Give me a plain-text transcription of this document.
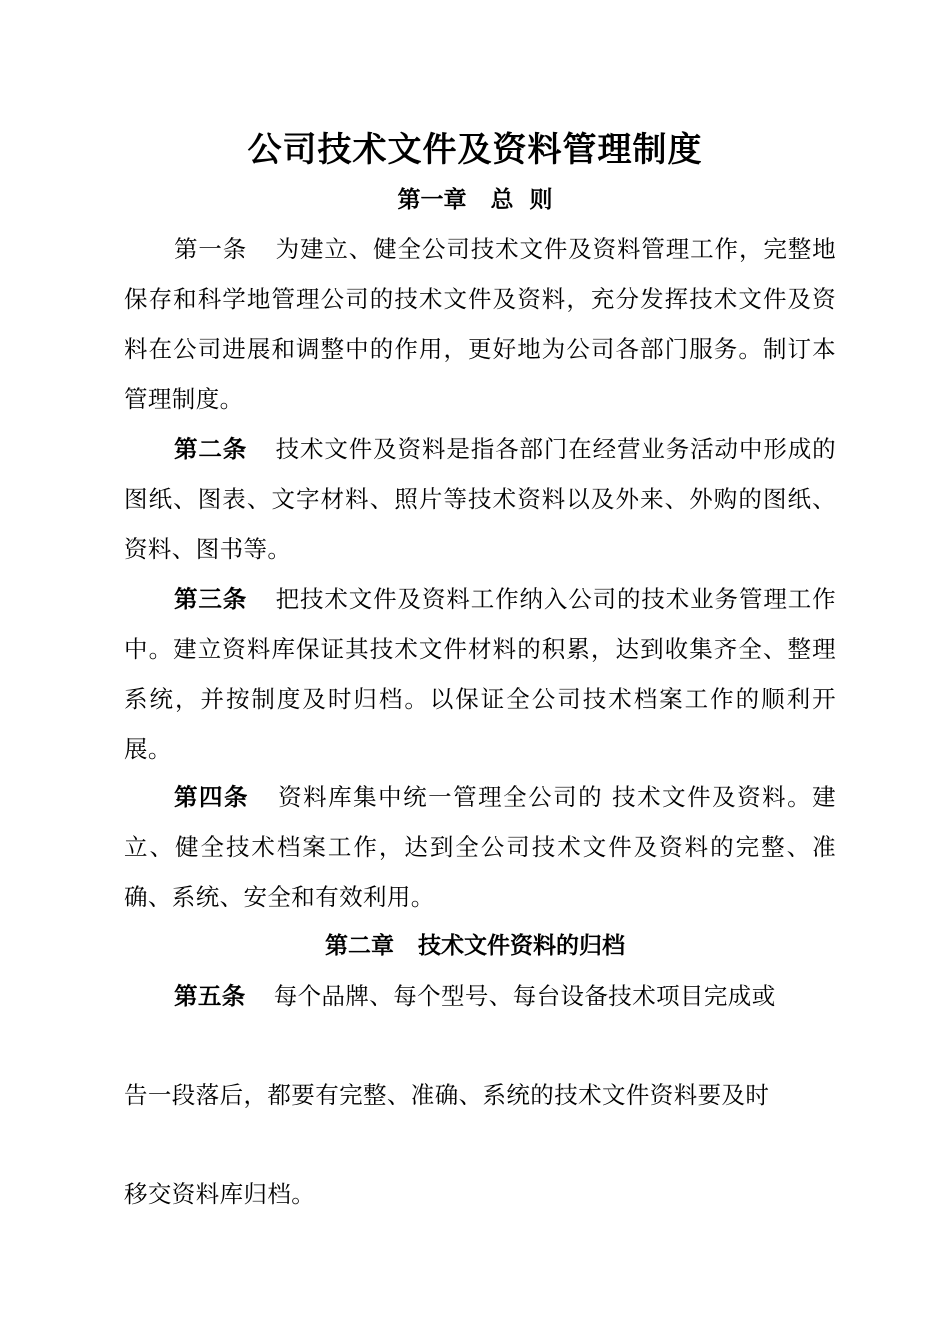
公司技术文件及资料管理制度
第一章 总 则
第一条 为建立、健全公司技术文件及资料管理工作，完整地保存和科学地管理公司的技术文件及资料，充分发挥技术文件及资料在公司进展和调整中的作用，更好地为公司各部门服务。制订本管理制度。
第二条 技术文件及资料是指各部门在经营业务活动中形成的图纸、图表、文字材料、照片等技术资料以及外来、外购的图纸、资料、图书等。
第三条 把技术文件及资料工作纳入公司的技术业务管理工作中。建立资料库保证其技术文件材料的积累，达到收集齐全、整理系统，并按制度及时归档。以保证全公司技术档案工作的顺利开展。
第四条 资料库集中统一管理全公司的 技术文件及资料。建立、健全技术档案工作，达到全公司技术文件及资料的完整、准确、系统、安全和有效利用。
第二章 技术文件资料的归档
第五条 每个品牌、每个型号、每台设备技术项目完成或
告一段落后，都要有完整、准确、系统的技术文件资料要及时
移交资料库归档。
